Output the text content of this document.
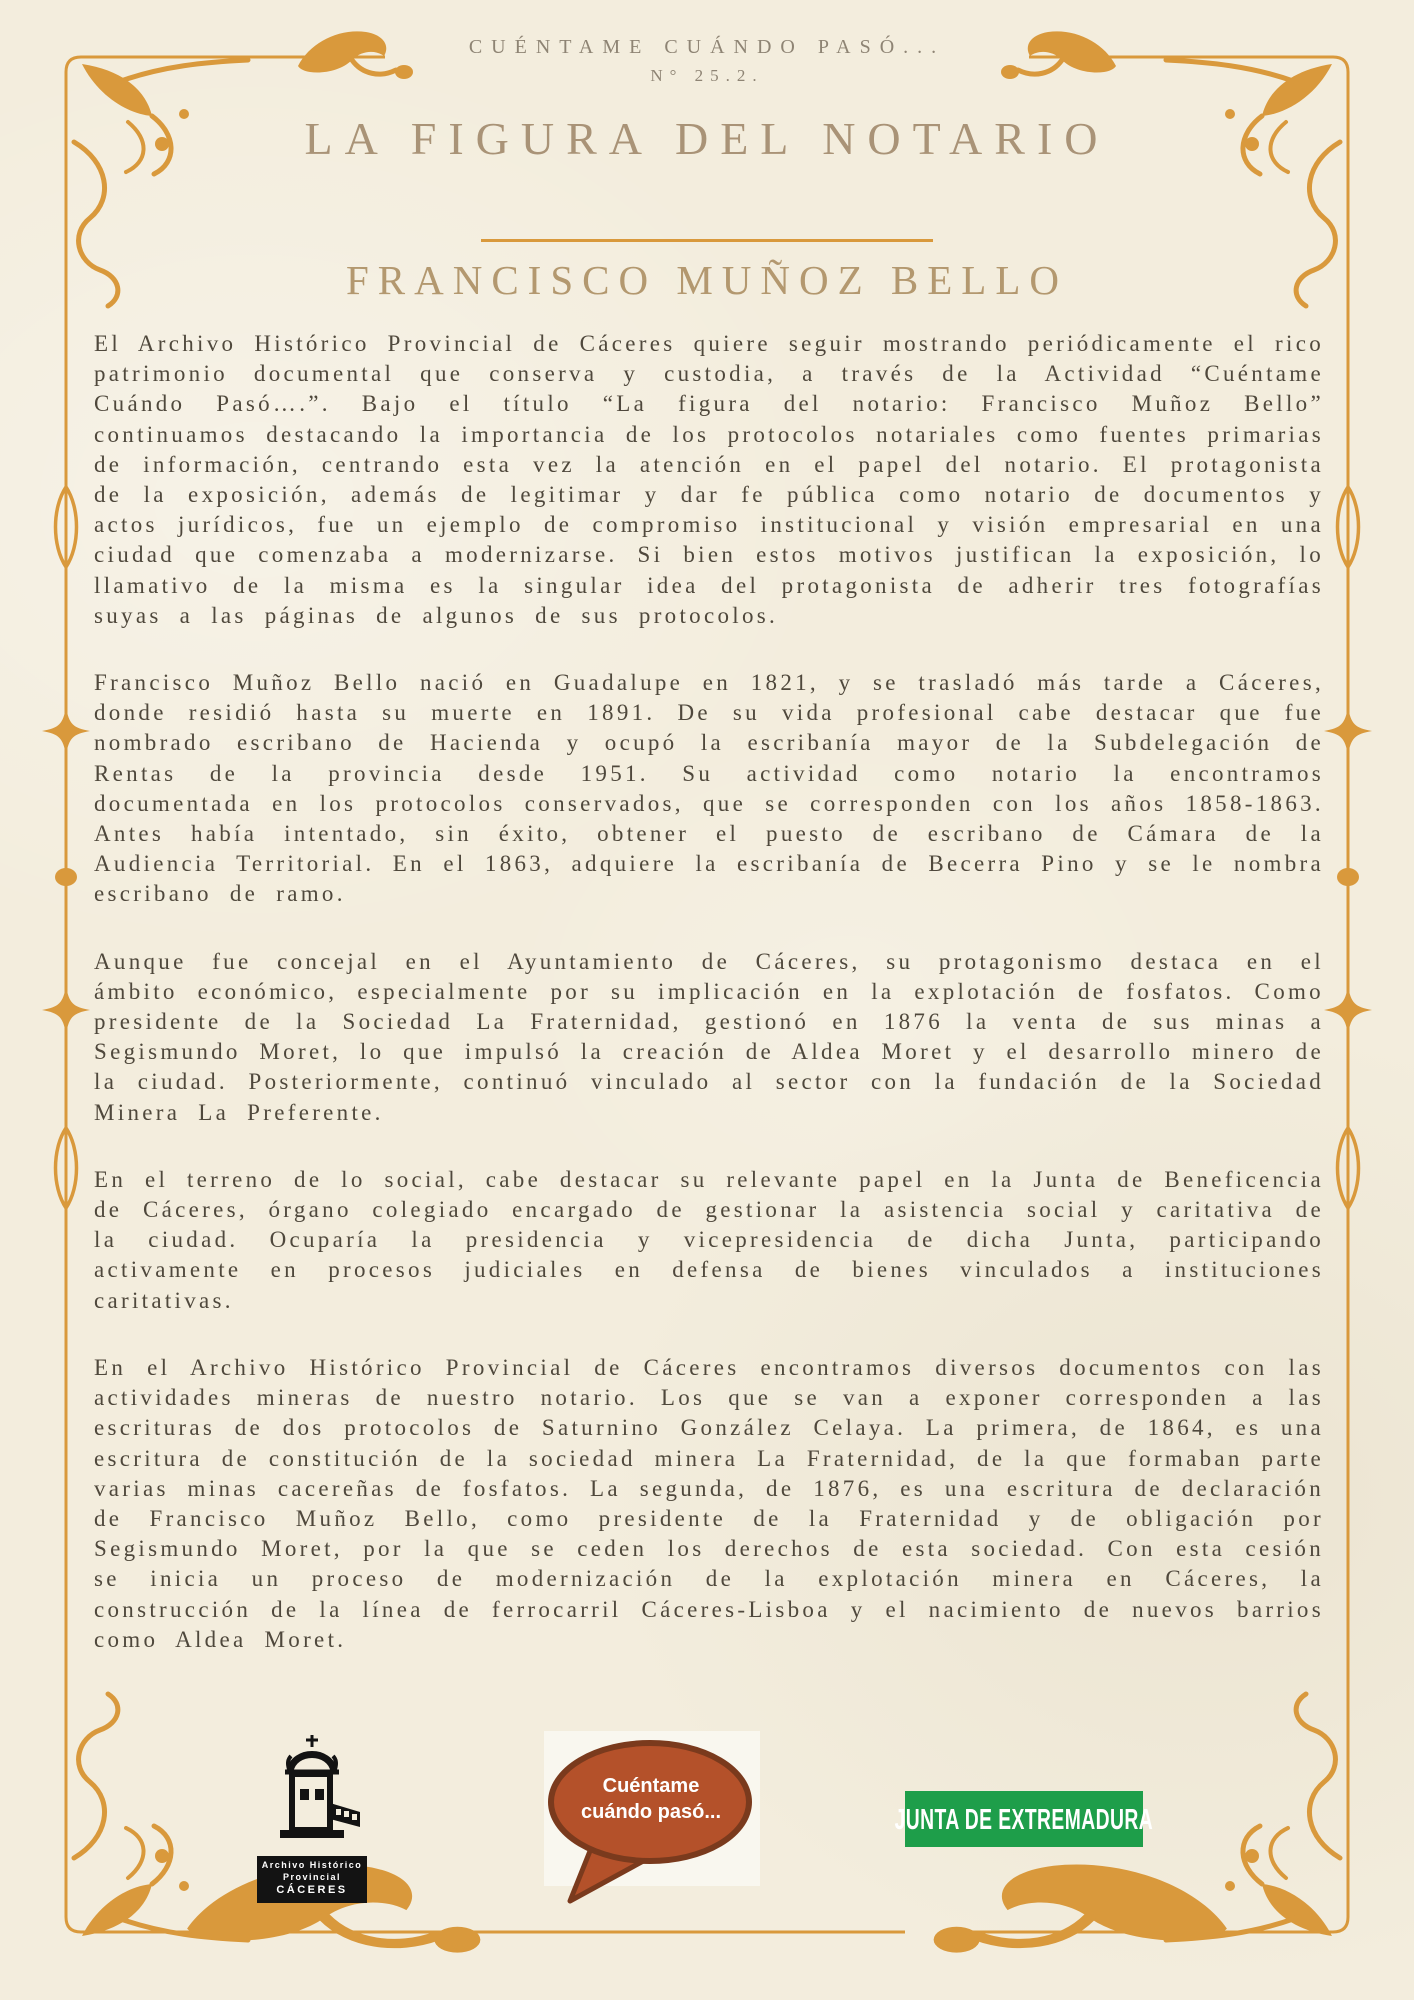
CUÉNTAME CUÁNDO PASÓ...
N° 25.2.
LA FIGURA DEL NOTARIO
FRANCISCO MUÑOZ BELLO

El Archivo Histórico Provincial de Cáceres quiere seguir mostrando periódicamente el rico patrimonio documental que conserva y custodia, a través de la Actividad “Cuéntame Cuándo Pasó….”. Bajo el título “La figura del notario: Francisco Muñoz Bello” continuamos destacando la importancia de los protocolos notariales como fuentes primarias de información, centrando esta vez la atención en el papel del notario. El protagonista de la exposición, además de legitimar y dar fe pública como notario de documentos y actos jurídicos, fue un ejemplo de compromiso institucional y visión empresarial en una ciudad que comenzaba a modernizarse. Si bien estos motivos justifican la exposición, lo llamativo de la misma es la singular idea del protagonista de adherir tres fotografías suyas a las páginas de algunos de sus protocolos.

Francisco Muñoz Bello nació en Guadalupe en 1821, y se trasladó más tarde a Cáceres, donde residió hasta su muerte en 1891. De su vida profesional cabe destacar que fue nombrado escribano de Hacienda y ocupó la escribanía mayor de la Subdelegación de Rentas de la provincia desde 1951. Su actividad como notario la encontramos documentada en los protocolos conservados, que se corresponden con los años 1858-1863. Antes había intentado, sin éxito, obtener el puesto de escribano de Cámara de la Audiencia Territorial. En el 1863, adquiere la escribanía de Becerra Pino y se le nombra escribano de ramo.

Aunque fue concejal en el Ayuntamiento de Cáceres, su protagonismo destaca en el ámbito económico, especialmente por su implicación en la explotación de fosfatos. Como presidente de la Sociedad La Fraternidad, gestionó en 1876 la venta de sus minas a Segismundo Moret, lo que impulsó la creación de Aldea Moret y el desarrollo minero de la ciudad. Posteriormente, continuó vinculado al sector con la fundación de la Sociedad Minera La Preferente.

En el terreno de lo social, cabe destacar su relevante papel en la Junta de Beneficencia de Cáceres, órgano colegiado encargado de gestionar la asistencia social y caritativa de la ciudad. Ocuparía la presidencia y vicepresidencia de dicha Junta, participando activamente en procesos judiciales en defensa de bienes vinculados a instituciones caritativas.

En el Archivo Histórico Provincial de Cáceres encontramos diversos documentos con las actividades mineras de nuestro notario. Los que se van a exponer corresponden a las escrituras de dos protocolos de Saturnino González Celaya. La primera, de 1864, es una escritura de constitución de la sociedad minera La Fraternidad, de la que formaban parte varias minas cacereñas de fosfatos. La segunda, de 1876, es una escritura de declaración de Francisco Muñoz Bello, como presidente de la Fraternidad y de obligación por Segismundo Moret, por la que se ceden los derechos de esta sociedad. Con esta cesión se inicia un proceso de modernización de la explotación minera en Cáceres, la construcción de la línea de ferrocarril Cáceres-Lisboa y el nacimiento de nuevos barrios como Aldea Moret.

Archivo Histórico
Provincial
CÁCERES
Cuéntame
cuándo pasó...	JUNTA DE EXTREMADURA
